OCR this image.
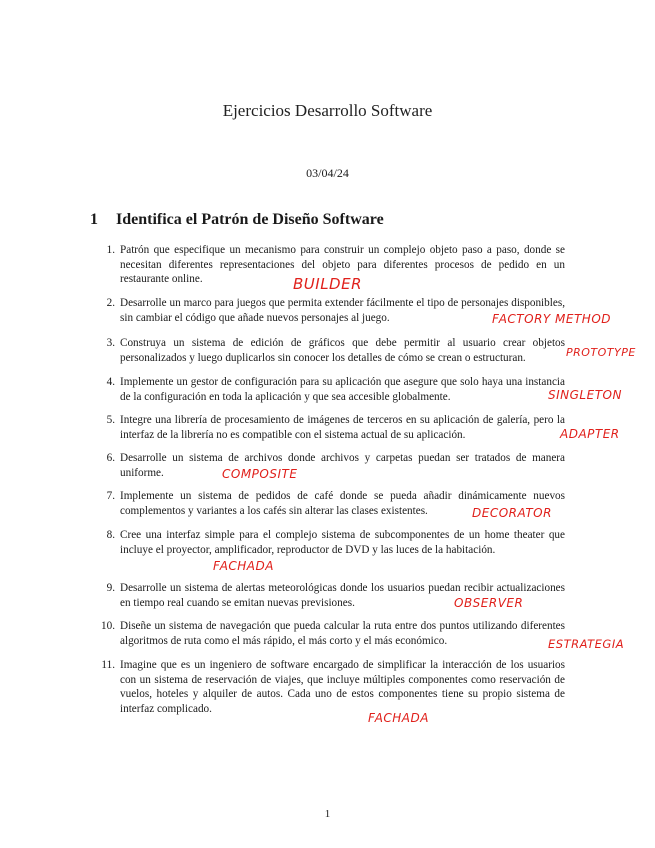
Ejercicios Desarrollo Software
03/04/24
1 Identifica el Patrón de Diseño Software
1. Patrón que especifique un mecanismo para construir un complejo objeto paso a paso, donde se necesitan diferentes representaciones del objeto para diferentes procesos de pedido en un restaurante online.	BUILDER
2. Desarrolle un marco para juegos que permita extender fácilmente el tipo de personajes disponibles, sin cambiar el código que añade nuevos personajes al juego.	FACTORY METHOD
3. Construya un sistema de edición de gráficos que debe permitir al usuario crear objetos personalizados y luego duplicarlos sin conocer los detalles de cómo se crean o estructuran.	PROTOTYPE
4. Implemente un gestor de configuración para su aplicación que asegure que solo haya una instancia de la configuración en toda la aplicación y que sea accesible globalmente.	SINGLETON
5. Integre una librería de procesamiento de imágenes de terceros en su aplicación de galería, pero la interfaz de la librería no es compatible con el sistema actual de su aplicación.	ADAPTER
6. Desarrolle un sistema de archivos donde archivos y carpetas puedan ser tratados de manera uniforme.	COMPOSITE
7. Implemente un sistema de pedidos de café donde se pueda añadir dinámicamente nuevos complementos y variantes a los cafés sin alterar las clases existentes.	DECORATOR
8. Cree una interfaz simple para el complejo sistema de subcomponentes de un home theater que incluye el proyector, amplificador, reproductor de DVD y las luces de la habitación.
FACHADA
9. Desarrolle un sistema de alertas meteorológicas donde los usuarios puedan recibir actualizaciones en tiempo real cuando se emitan nuevas previsiones.	OBSERVER
10. Diseñe un sistema de navegación que pueda calcular la ruta entre dos puntos utilizando diferentes algoritmos de ruta como el más rápido, el más corto y el más económico.	ESTRATEGIA
11. Imagine que es un ingeniero de software encargado de simplificar la interacción de los usuarios con un sistema de reservación de viajes, que incluye múltiples componentes como reservación de vuelos, hoteles y alquiler de autos. Cada uno de estos componentes tiene su propio sistema de interfaz complicado.
FACHADA
1
